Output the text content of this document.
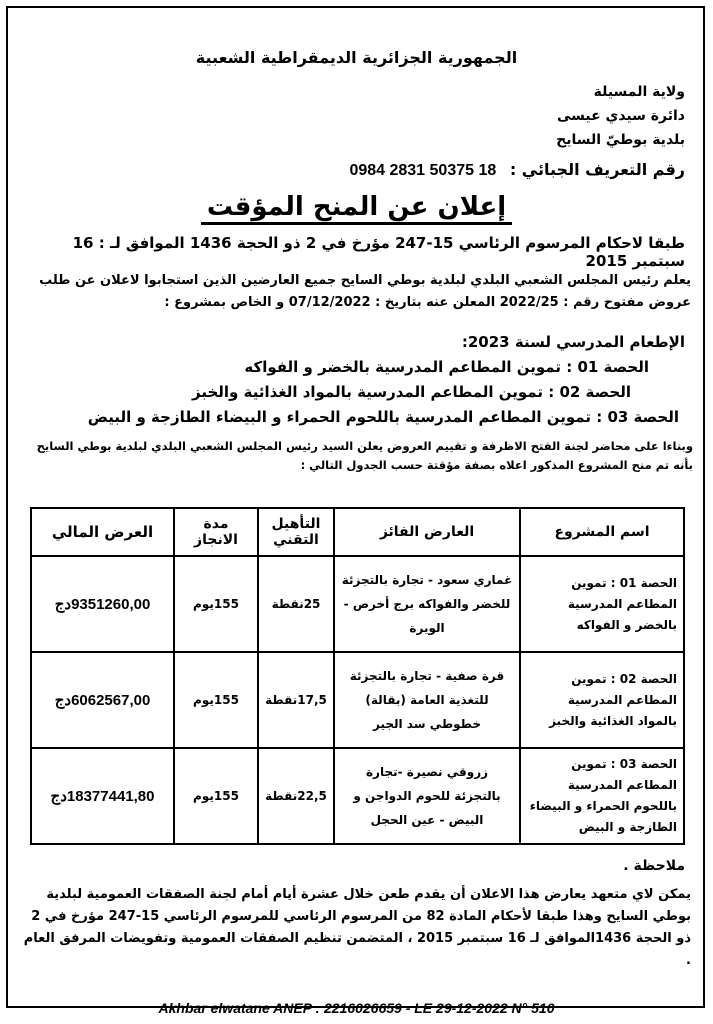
الجمهورية الجزائرية الديمقراطية الشعبية
ولاية المسيلة
دائرة سيدي عيسى
بلدية بوطيّ السايح
رقم التعريف الجبائي : 0984 2831 50375 18
إعلان عن المنح المؤقت
طبقا لاحكام المرسوم الرئاسي 15-247 مؤرخ في 2 ذو الحجة 1436 الموافق لـ : 16 سبتمبر 2015
يعلم رئيس المجلس الشعبي البلدي لبلدية بوطي السايح جميع العارضين الذين استجابوا لاعلان عن طلب عروض مفتوح رقم : 2022/25 المعلن عنه بتاريخ : 07/12/2022 و الخاص بمشروع :
الإطعام المدرسي لسنة 2023:
الحصة 01 : تموين المطاعم المدرسية بالخضر و الفواكه
الحصة 02 : تموين المطاعم المدرسية بالمواد الغذائية والخبز
الحصة 03 : تموين المطاعم المدرسية باللحوم الحمراء و البيضاء الطازجة و البيض
وبناءا على محاضر لجنة الفتح الاظرفة و تقييم العروض يعلن السيد رئيس المجلس الشعبي البلدي لبلدية بوطي السايح بأنه تم منح المشروع المذكور اعلاه بصفة مؤقتة حسب الجدول التالي :
اسم المشروع	العارض الفائز	التأهيل التقني	مدة الانجاز	العرض المالي
الحصة 01 : تموين المطاعم المدرسية بالخضر و الفواكه	غماري سعود - تجارة بالتجزئة للخضر والفواكه برج أخرص - الويرة	25نقطة	155يوم	9351260,00دج
الحصة 02 : تموين المطاعم المدرسية بالمواد الغذائية والخبز	قرة صفية - تجارة بالتجزئة للتغذية العامة (بقالة) خطوطي سد الجير	17,5نقطة	155يوم	6062567,00دج
الحصة 03 : تموين المطاعم المدرسية باللحوم الحمراء و البيضاء الطازجة و البيض	زروقي نصيرة -تجارة بالتجزئة للحوم الدواجن و البيض - عين الحجل	22,5نقطة	155يوم	18377441,80دج
ملاحظة .
يمكن لاي متعهد يعارض هذا الاعلان أن يقدم طعن خلال عشرة أيام أمام لجنة الصفقات العمومية لبلدية بوطي السايح وهذا طبقا لأحكام المادة 82 من المرسوم الرئاسي للمرسوم الرئاسي 15-247 مؤرخ في 2 ذو الحجة 1436الموافق لـ 16 سبتمبر 2015 ، المتضمن تنظيم الصفقات العمومية وتفويضات المرفق العام .
Akhbar elwatane ANEP : 2216026659 - LE 29-12-2022 N° 510
